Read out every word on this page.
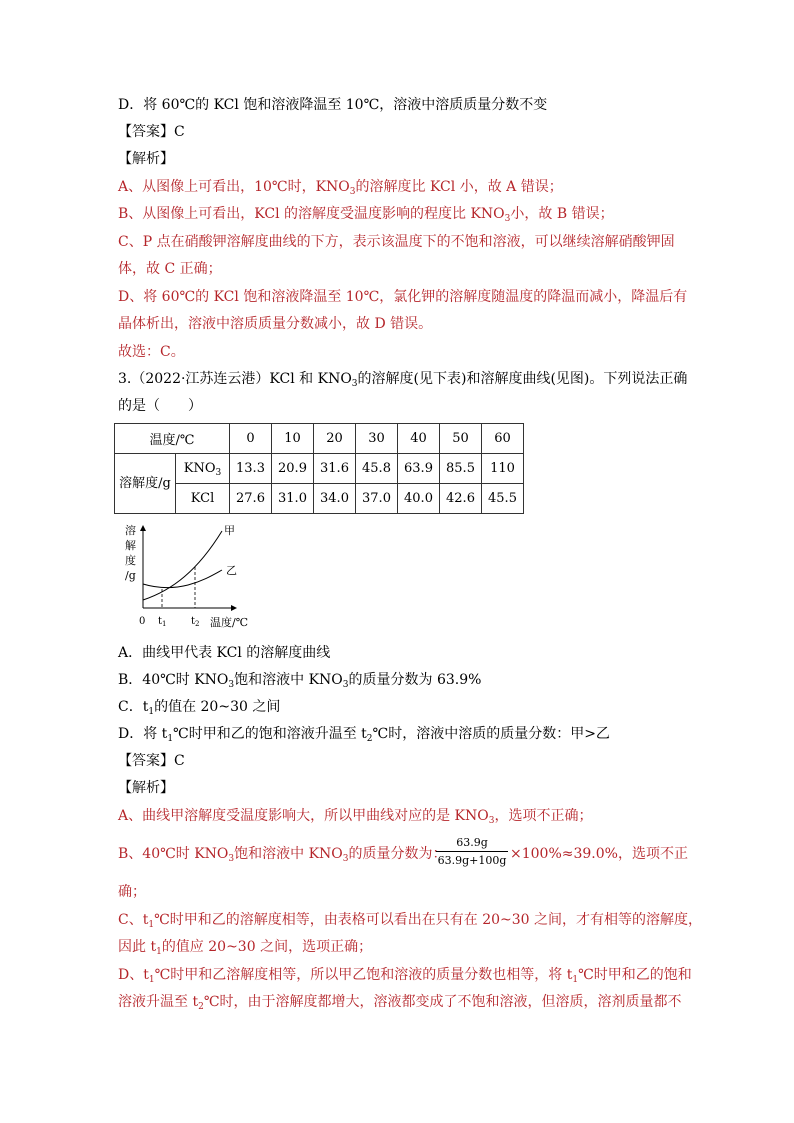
D．将 60℃的 KCl 饱和溶液降温至 10℃，溶液中溶质质量分数不变
【答案】C
【解析】
A、从图像上可看出，10℃时，$KNO_3$的溶解度比 KCl 小，故 A 错误；
B、从图像上可看出，KCl 的溶解度受温度影响的程度比 $KNO_3$小，故 B 错误；
C、P 点在硝酸钾溶解度曲线的下方，表示该温度下的不饱和溶液，可以继续溶解硝酸钾固
体，故 C 正确；
D、将 60℃的 KCl 饱和溶液降温至 10℃，氯化钾的溶解度随温度的降温而减小，降温后有
晶体析出，溶液中溶质质量分数减小，故 D 错误。
故选：C。
3.（2022·江苏连云港）KCl 和 $KNO_3$的溶解度(见下表)和溶解度曲线(见图)。下列说法正确
的是（　　）
温度/℃		0	10	20	30	40	50	60
溶解度/g	$KNO_3$	13.3	20.9	31.6	45.8	63.9	85.5	110
	KCl	27.6	31.0	34.0	37.0	40.0	42.6	45.5
溶
解
度
/g
0 $t_1$ $t_2$ 温度/℃
甲
乙
A．曲线甲代表 KCl 的溶解度曲线
B．40℃时 $KNO_3$饱和溶液中 $KNO_3$的质量分数为 63.9%
C．$t_1$的值在 20~30 之间
D．将 $t_1℃$时甲和乙的饱和溶液升温至 $t_2℃$时，溶液中溶质的质量分数：甲>乙
【答案】C
【解析】
A、曲线甲溶解度受温度影响大，所以甲曲线对应的是 $KNO_3$，选项不正确；
B、40℃时 $KNO_3$饱和溶液中 $KNO_3$的质量分数为：
$\frac{63.9g}{63.9g+100g} \times 100\%\approx 39.0\%$，选项不正
确；
C、$t_1℃$时甲和乙的溶解度相等，由表格可以看出在只有在 20~30 之间，才有相等的溶解度，
因此 $t_1$的值应 20~30 之间，选项正确；
D、$t_1℃$时甲和乙溶解度相等，所以甲乙饱和溶液的质量分数也相等，将 $t_1℃$时甲和乙的饱和
溶液升温至 $t_2℃$时，由于溶解度都增大，溶液都变成了不饱和溶液，但溶质，溶剂质量都不
